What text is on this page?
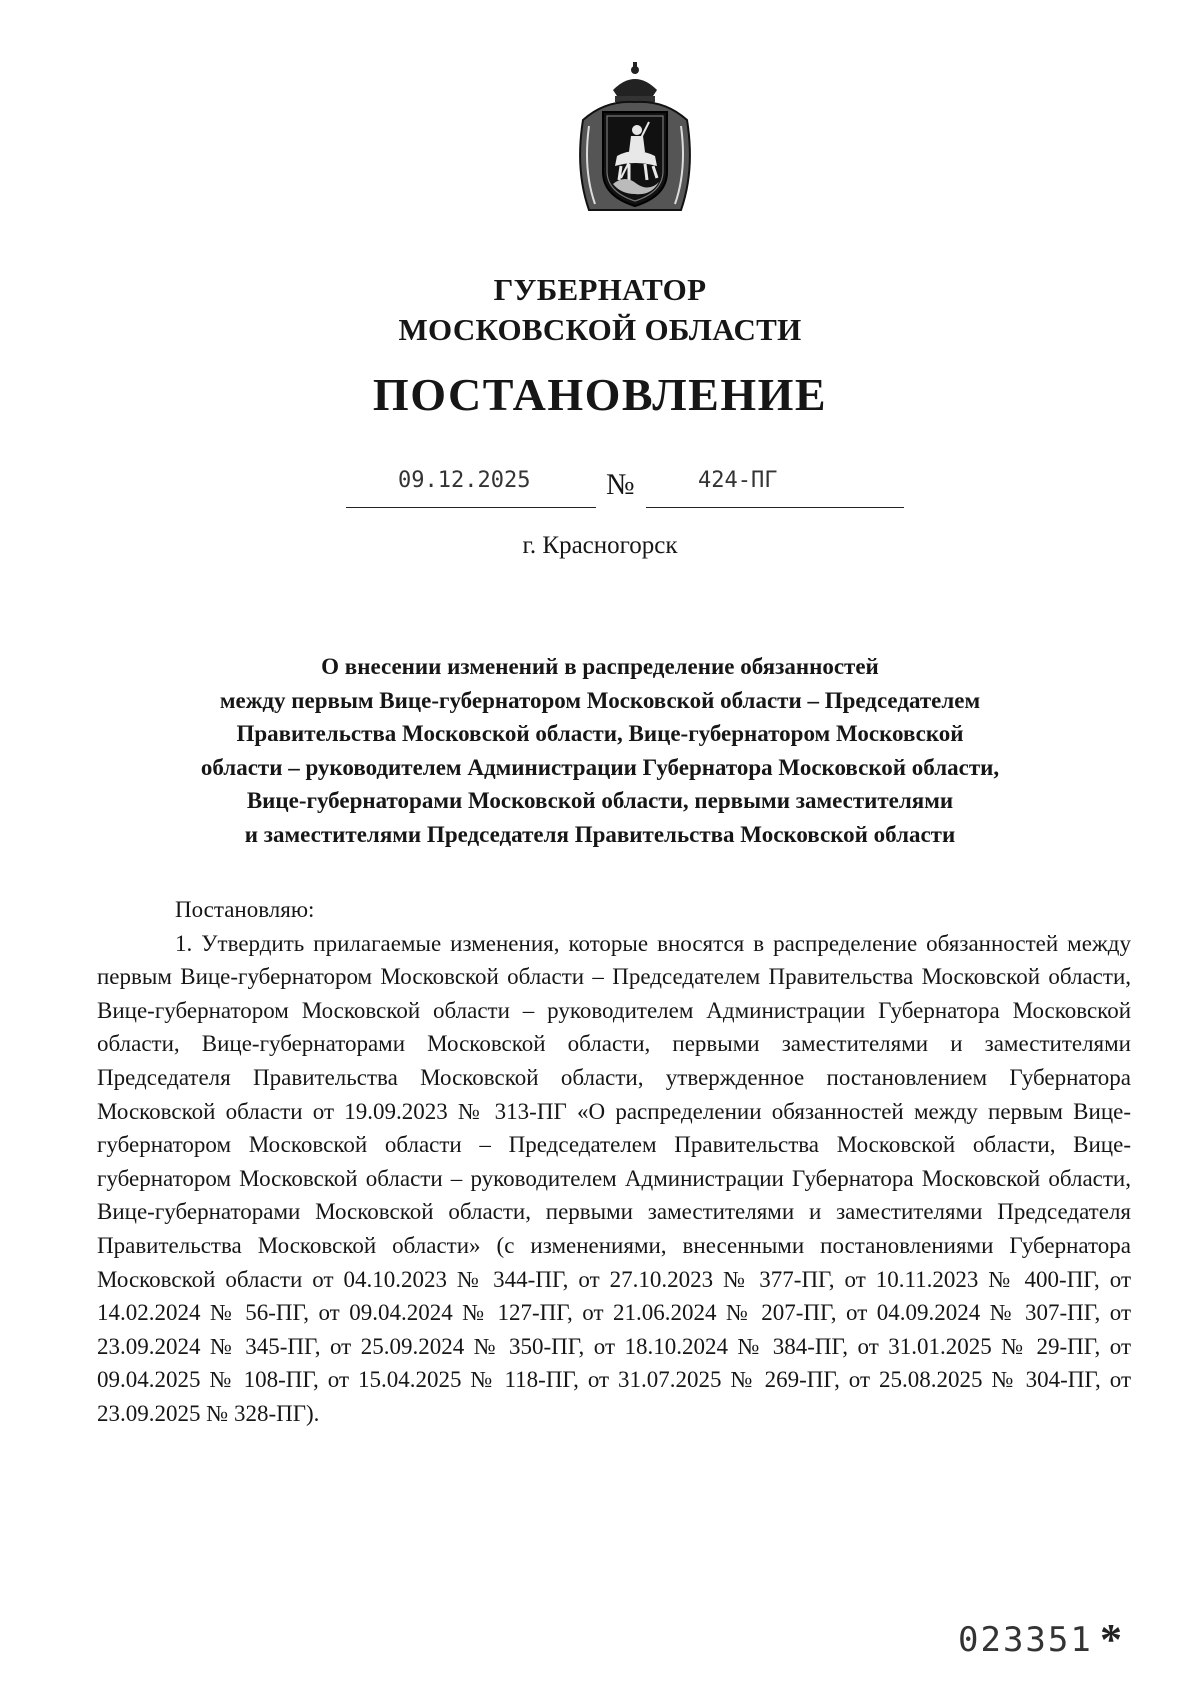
ГУБЕРНАТОР
МОСКОВСКОЙ ОБЛАСТИ
ПОСТАНОВЛЕНИЕ
09.12.2025	№	424-ПГ
г. Красногорск
О внесении изменений в распределение обязанностей
между первым Вице-губернатором Московской области – Председателем
Правительства Московской области, Вице-губернатором Московской
области – руководителем Администрации Губернатора Московской области,
Вице-губернаторами Московской области, первыми заместителями
и заместителями Председателя Правительства Московской области

Постановляю:

1. Утвердить прилагаемые изменения, которые вносятся в распределение обязанностей между первым Вице-губернатором Московской области – Председателем Правительства Московской области, Вице-губернатором Московской области – руководителем Администрации Губернатора Московской области, Вице-губернаторами Московской области, первыми заместителями и заместителями Председателя Правительства Московской области, утвержденное постановлением Губернатора Московской области от 19.09.2023 № 313-ПГ «О распределении обязанностей между первым Вице-губернатором Московской области – Председателем Правительства Московской области, Вице-губернатором Московской области – руководителем Администрации Губернатора Московской области, Вице-губернаторами Московской области, первыми заместителями и заместителями Председателя Правительства Московской области» (с изменениями, внесенными постановлениями Губернатора Московской области от 04.10.2023 № 344-ПГ, от 27.10.2023 № 377-ПГ, от 10.11.2023 № 400-ПГ, от 14.02.2024 № 56-ПГ, от 09.04.2024 № 127-ПГ, от 21.06.2024 № 207-ПГ, от 04.09.2024 № 307-ПГ, от 23.09.2024 № 345-ПГ, от 25.09.2024 № 350-ПГ, от 18.10.2024 № 384-ПГ, от 31.01.2025 № 29-ПГ, от 09.04.2025 № 108-ПГ, от 15.04.2025 № 118-ПГ, от 31.07.2025 № 269-ПГ, от 25.08.2025 № 304-ПГ, от 23.09.2025 № 328-ПГ).

023351 *
